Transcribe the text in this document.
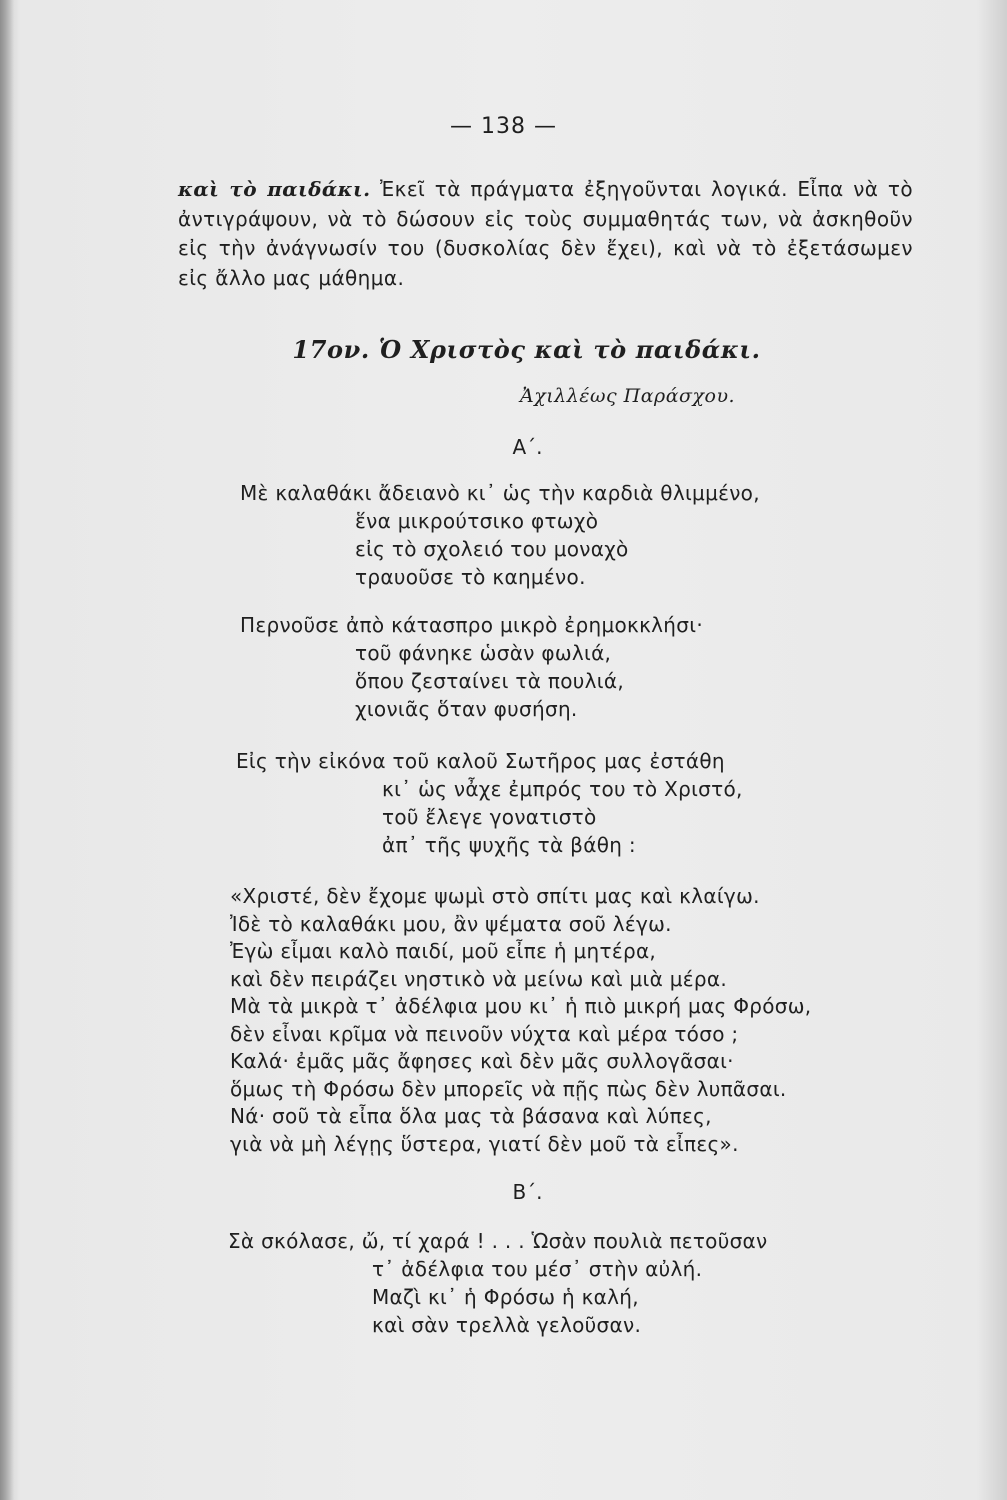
— 138 —
καὶ τὸ παιδάκι. Ἐκεῖ τὰ πράγματα ἐξηγοῦνται λογικά. Εἶπα νὰ τὸ ἀντιγράψουν, νὰ τὸ δώσουν εἰς τοὺς συμμαθητάς των, νὰ ἀσκηθοῦν εἰς τὴν ἀνάγνωσίν του (δυσκολίας δὲν ἔχει), καὶ νὰ τὸ ἐξετάσωμεν εἰς ἄλλο μας μάθημα.
17ον. Ὁ Χριστὸς καὶ τὸ παιδάκι.
Ἀχιλλέως Παράσχου.
Α΄.
Μὲ καλαθάκι ἄδειανὸ κι᾿ ὡς τὴν καρδιὰ θλιμμένο,
ἕνα μικρούτσικο φτωχὸ
εἰς τὸ σχολειό του μοναχὸ
τραυοῦσε τὸ καημένο.
Περνοῦσε ἀπὸ κάτασπρο μικρὸ ἐρημοκκλήσι·
τοῦ φάνηκε ὡσὰν φωλιά,
ὅπου ζεσταίνει τὰ πουλιά,
χιονιᾶς ὅταν φυσήση.
Εἰς τὴν εἰκόνα τοῦ καλοῦ Σωτῆρος μας ἐστάθη
κι᾿ ὡς νἆχε ἐμπρός του τὸ Χριστό,
τοῦ ἔλεγε γονατιστὸ
ἀπ᾿ τῆς ψυχῆς τὰ βάθη :
«Χριστέ, δὲν ἔχομε ψωμὶ στὸ σπίτι μας καὶ κλαίγω.
Ἰδὲ τὸ καλαθάκι μου, ἂν ψέματα σοῦ λέγω.
Ἐγὼ εἶμαι καλὸ παιδί, μοῦ εἶπε ἡ μητέρα,
καὶ δὲν πειράζει νηστικὸ νὰ μείνω καὶ μιὰ μέρα.
Μὰ τὰ μικρὰ τ᾿ ἀδέλφια μου κι᾿ ἡ πιὸ μικρή μας Φρόσω,
δὲν εἶναι κρῖμα νὰ πεινοῦν νύχτα καὶ μέρα τόσο ;
Καλά· ἐμᾶς μᾶς ἄφησες καὶ δὲν μᾶς συλλογᾶσαι·
ὅμως τὴ Φρόσω δὲν μπορεῖς νὰ πῇς πὼς δὲν λυπᾶσαι.
Νά· σοῦ τὰ εἶπα ὅλα μας τὰ βάσανα καὶ λύπες,
γιὰ νὰ μὴ λέγῃς ὕστερα, γιατί δὲν μοῦ τὰ εἶπες».
Β΄.
Σὰ σκόλασε, ὤ, τί χαρά ! . . . Ὡσὰν πουλιὰ πετοῦσαν
τ᾿ ἀδέλφια του μέσ᾿ στὴν αὐλή.
Μαζὶ κι᾿ ἡ Φρόσω ἡ καλή,
καὶ σὰν τρελλὰ γελοῦσαν.
